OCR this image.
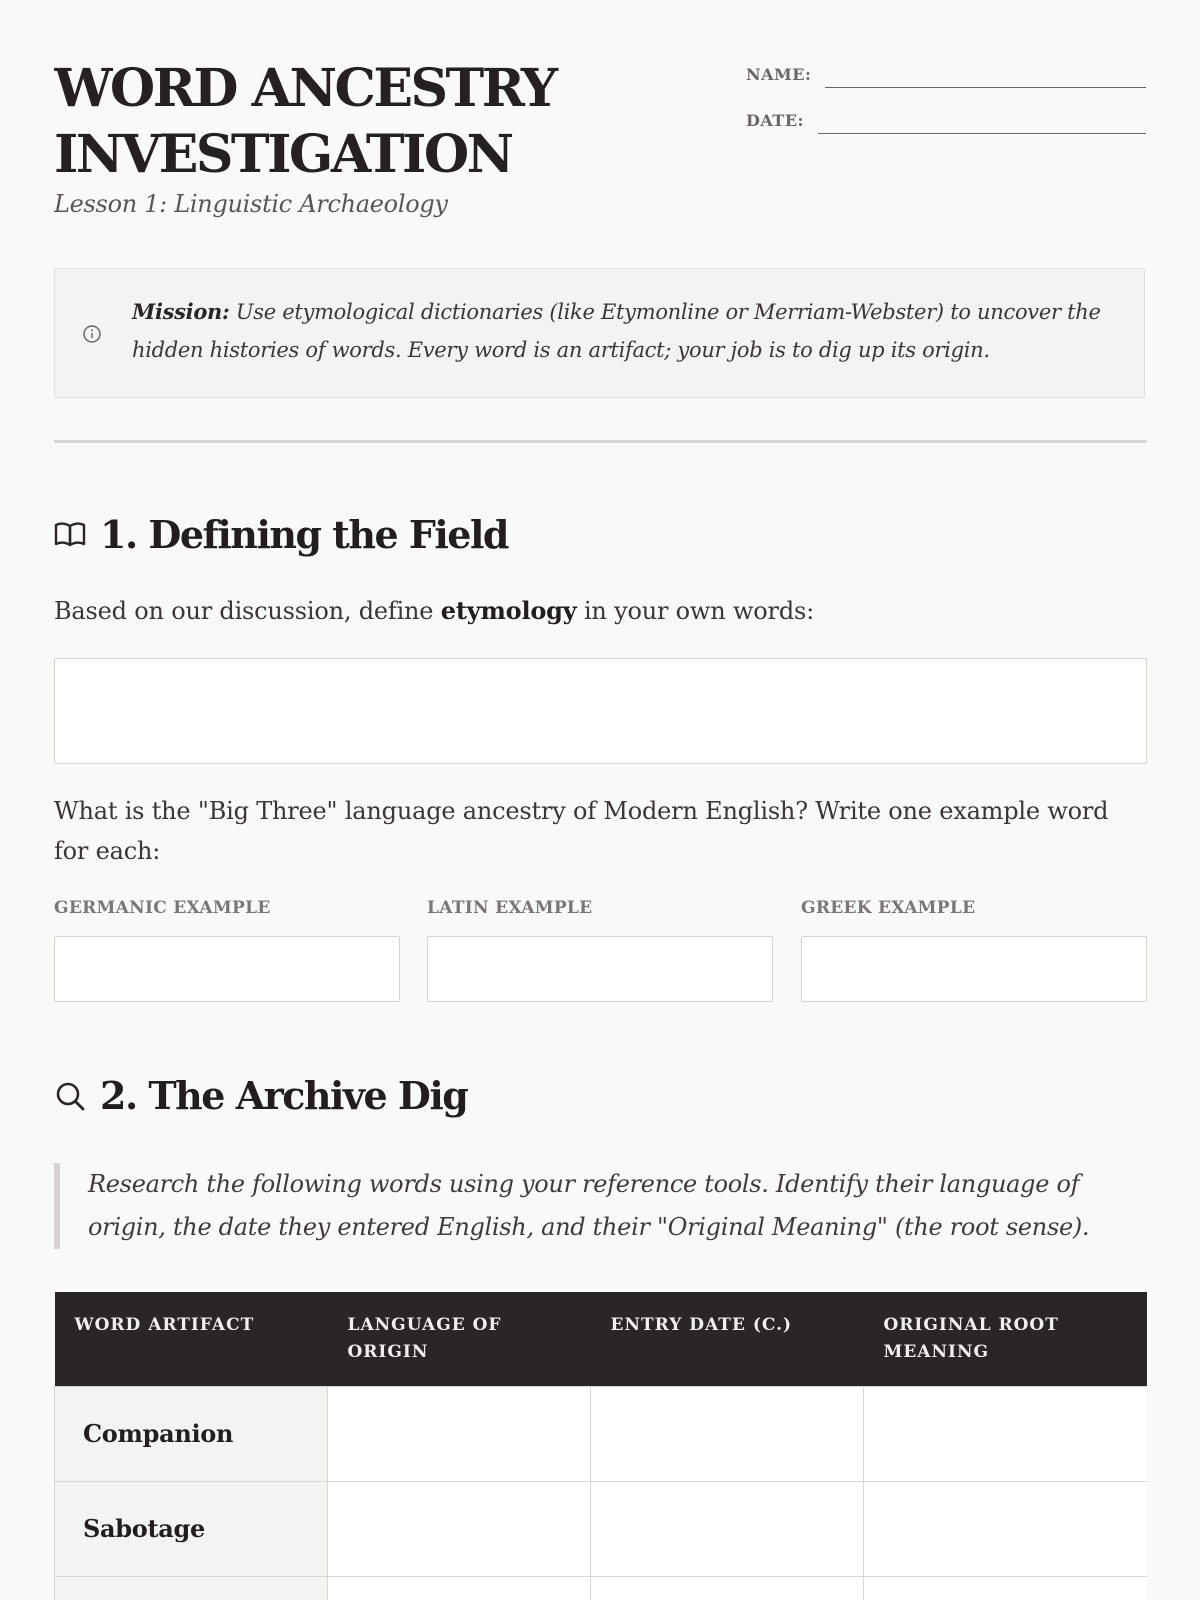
WORD ANCESTRY
INVESTIGATION
Lesson 1: Linguistic Archaeology
NAME:
DATE:
Mission: Use etymological dictionaries (like Etymonline or Merriam-Webster) to uncover the hidden histories of words. Every word is an artifact; your job is to dig up its origin.
1. Defining the Field
Based on our discussion, define etymology in your own words:
What is the "Big Three" language ancestry of Modern English? Write one example word for each:
GERMANIC EXAMPLE	LATIN EXAMPLE	GREEK EXAMPLE
2. The Archive Dig
Research the following words using your reference tools. Identify their language of origin, the date they entered English, and their "Original Meaning" (the root sense).
WORD ARTIFACT	LANGUAGE OF ORIGIN	ENTRY DATE (C.)	ORIGINAL ROOT MEANING
Companion			
Sabotage			
